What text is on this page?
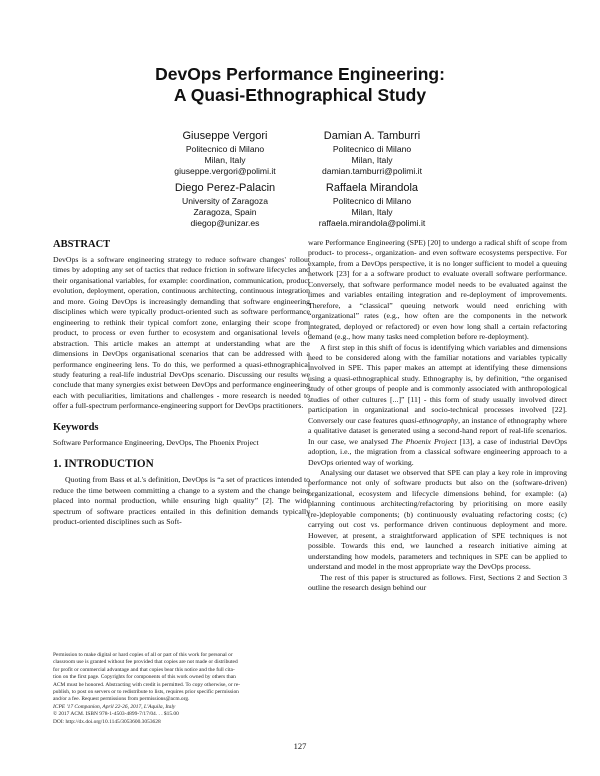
DevOps Performance Engineering:
A Quasi-Ethnographical Study
Giuseppe Vergori
Politecnico di Milano
Milan, Italy
giuseppe.vergori@polimi.it
Damian A. Tamburri
Politecnico di Milano
Milan, Italy
damian.tamburri@polimi.it
Diego Perez-Palacin
University of Zaragoza
Zaragoza, Spain
diegop@unizar.es
Raffaela Mirandola
Politecnico di Milano
Milan, Italy
raffaela.mirandola@polimi.it
ABSTRACT

DevOps is a software engineering strategy to reduce software changes' rollout times by adopting any set of tactics that reduce friction in software lifecycles and their organisational variables, for example: coordination, communication, product evolution, deployment, operation, continuous architecting, continuous integration and more. Going DevOps is increasingly demanding that software engineering disciplines which were typically product-oriented such as software performance engineering to rethink their typical comfort zone, enlarging their scope from product, to process or even further to ecosystem and organisational levels of abstraction. This article makes an attempt at understanding what are the dimensions in DevOps organisational scenarios that can be addressed with a performance engineering lens. To do this, we performed a quasi-ethnographical study featuring a real-life industrial DevOps scenario. Discussing our results we conclude that many synergies exist between DevOps and performance engineering each with peculiarities, limitations and challenges - more research is needed to offer a full-spectrum performance-engineering support for DevOps practitioners.

Keywords

Software Performance Engineering, DevOps, The Phoenix Project

1. INTRODUCTION

Quoting from Bass et al.'s definition, DevOps is “a set of practices intended to reduce the time between committing a change to a system and the change being placed into normal production, while ensuring high quality” [2]. The wide spectrum of software practices entailed in this definition demands typically product-oriented disciplines such as Soft-

Permission to make digital or hard copies of all or part of this work for personal or
classroom use is granted without fee provided that copies are not made or distributed
for profit or commercial advantage and that copies bear this notice and the full cita-
tion on the first page. Copyrights for components of this work owned by others than
ACM must be honored. Abstracting with credit is permitted. To copy otherwise, or re-
publish, to post on servers or to redistribute to lists, requires prior specific permission
and/or a fee. Request permissions from permissions@acm.org.
ICPE '17 Companion, April 22-26, 2017, L'Aquila, Italy
© 2017 ACM. ISBN 978-1-4503-4899-7/17/04. . . $15.00
DOI: http://dx.doi.org/10.1145/3053600.3053628

ware Performance Engineering (SPE) [20] to undergo a radical shift of scope from product- to process-, organization- and even software ecosystems perspective. For example, from a DevOps perspective, it is no longer sufficient to model a queuing network [23] for a a software product to evaluate overall software performance. Conversely, that software performance model needs to be evaluated against the times and variables entailing integration and re-deployment of improvements. Therefore, a “classical” queuing network would need enriching with “organizational” rates (e.g., how often are the components in the network integrated, deployed or refactored) or even how long shall a certain refactoring demand (e.g., how many tasks need completion before re-deployment).

A first step in this shift of focus is identifying which variables and dimensions need to be considered along with the familiar notations and variables typically involved in SPE. This paper makes an attempt at identifying these dimensions using a quasi-ethnographical study. Ethnography is, by definition, “the organised study of other groups of people and is commonly associated with anthropological studies of other cultures [...]” [11] - this form of study usually involved direct participation in organizational and socio-technical processes involved [22]. Conversely our case features quasi-ethnography, an instance of ethnography where a qualitative dataset is generated using a second-hand report of real-life scenarios. In our case, we analysed The Phoenix Project [13], a case of industrial DevOps adoption, i.e., the migration from a classical software engineering approach to a DevOps oriented way of working.

Analysing our dataset we observed that SPE can play a key role in improving performance not only of software products but also on the (software-driven) organizational, ecosystem and lifecycle dimensions behind, for example: (a) planning continuous architecting/refactoring by prioritising on more easily (re-)deployable components; (b) continuously evaluating refactoring costs; (c) carrying out cost vs. performance driven continuous deployment and more. However, at present, a straightforward application of SPE techniques is not possible. Towards this end, we launched a research initiative aiming at understanding how models, parameters and techniques in SPE can be applied to understand and model in the most appropriate way the DevOps process.

The rest of this paper is structured as follows. First, Sections 2 and Section 3 outline the research design behind our

127
